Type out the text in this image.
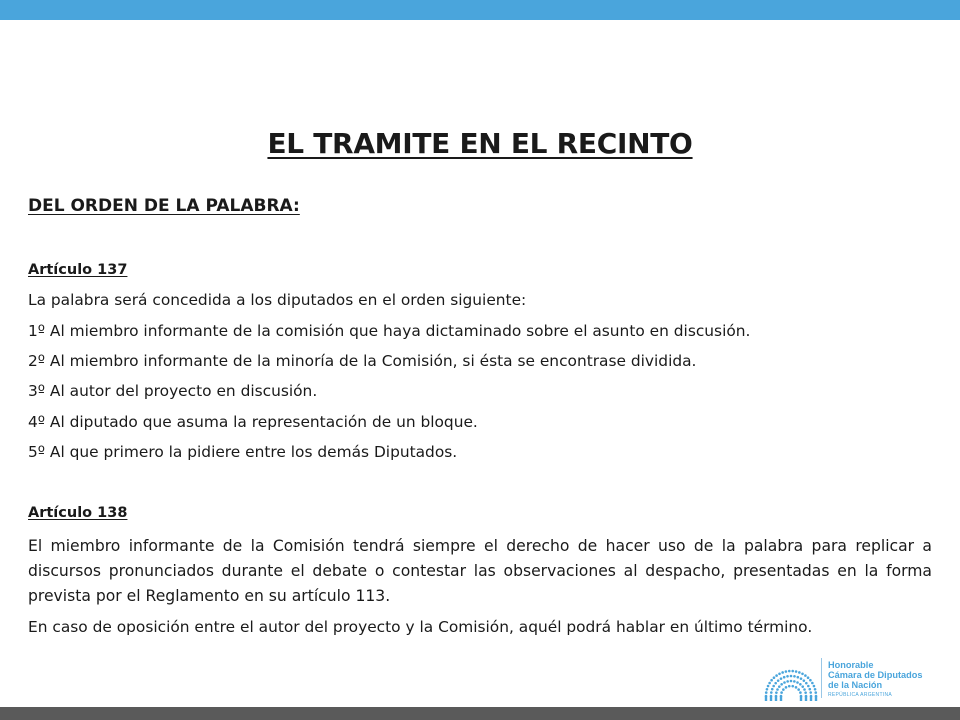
EL TRAMITE EN EL RECINTO
DEL ORDEN DE LA PALABRA:
Artículo 137
La palabra será concedida a los diputados en el orden siguiente:
1º Al miembro informante de la comisión que haya dictaminado sobre el asunto en discusión.
2º Al miembro informante de la minoría de la Comisión, si ésta se encontrase dividida.
3º Al autor del proyecto en discusión.
4º Al diputado que asuma la representación de un bloque.
5º Al que primero la pidiere entre los demás Diputados.
Artículo 138
El miembro informante de la Comisión tendrá siempre el derecho de hacer uso de la palabra para replicar a discursos pronunciados durante el debate o contestar las observaciones al despacho, presentadas en la forma prevista por el Reglamento en su artículo 113.
En caso de oposición entre el autor del proyecto y la Comisión, aquél podrá hablar en último término.
Honorable
Cámara de Diputados
de la Nación
REPÚBLICA ARGENTINA
